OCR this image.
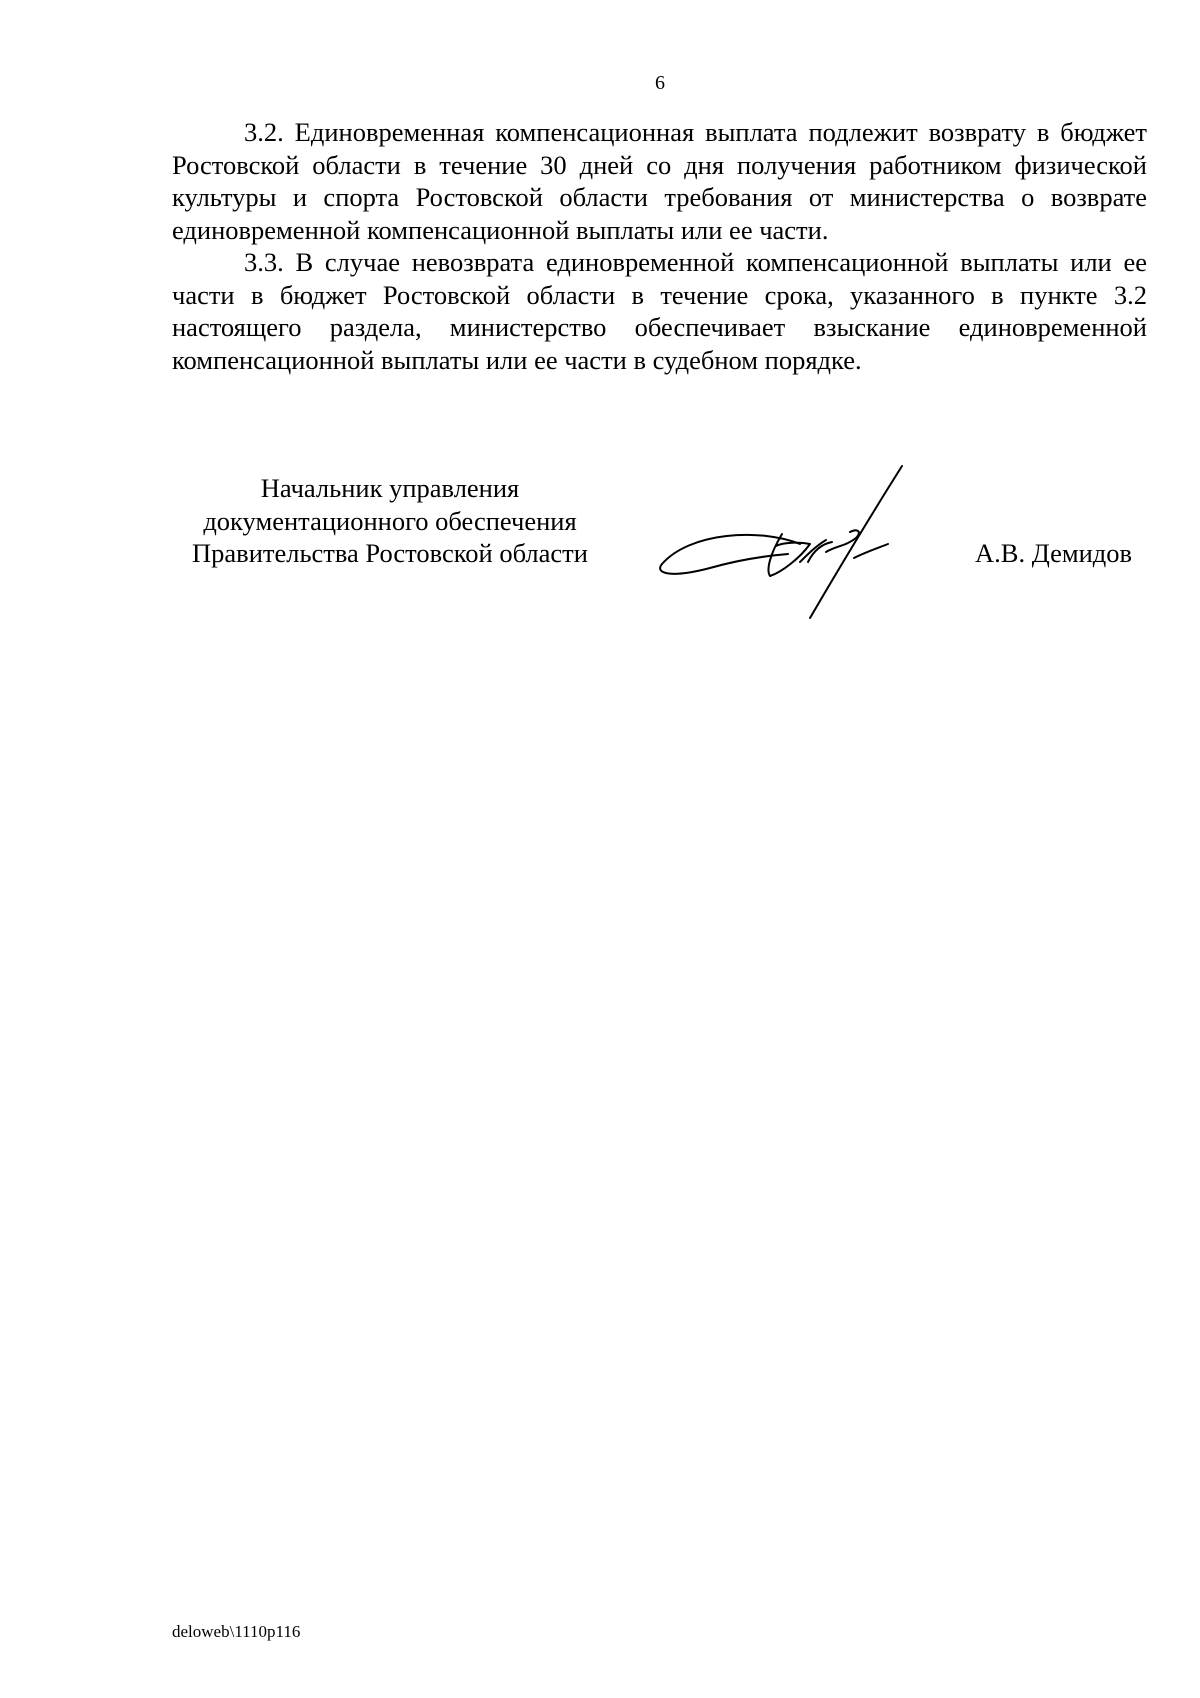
6

3.2. Единовременная компенсационная выплата подлежит возврату в бюджет Ростовской области в течение 30 дней со дня получения работником физической культуры и спорта Ростовской области требования от министерства о возврате единовременной компенсационной выплаты или ее части.

3.3. В случае невозврата единовременной компенсационной выплаты или ее части в бюджет Ростовской области в течение срока, указанного в пункте 3.2 настоящего раздела, министерство обеспечивает взыскание единовременной компенсационной выплаты или ее части в судебном порядке.

Начальник управления
документационного обеспечения
Правительства Ростовской области	А.В. Демидов
deloweb\1110p116
